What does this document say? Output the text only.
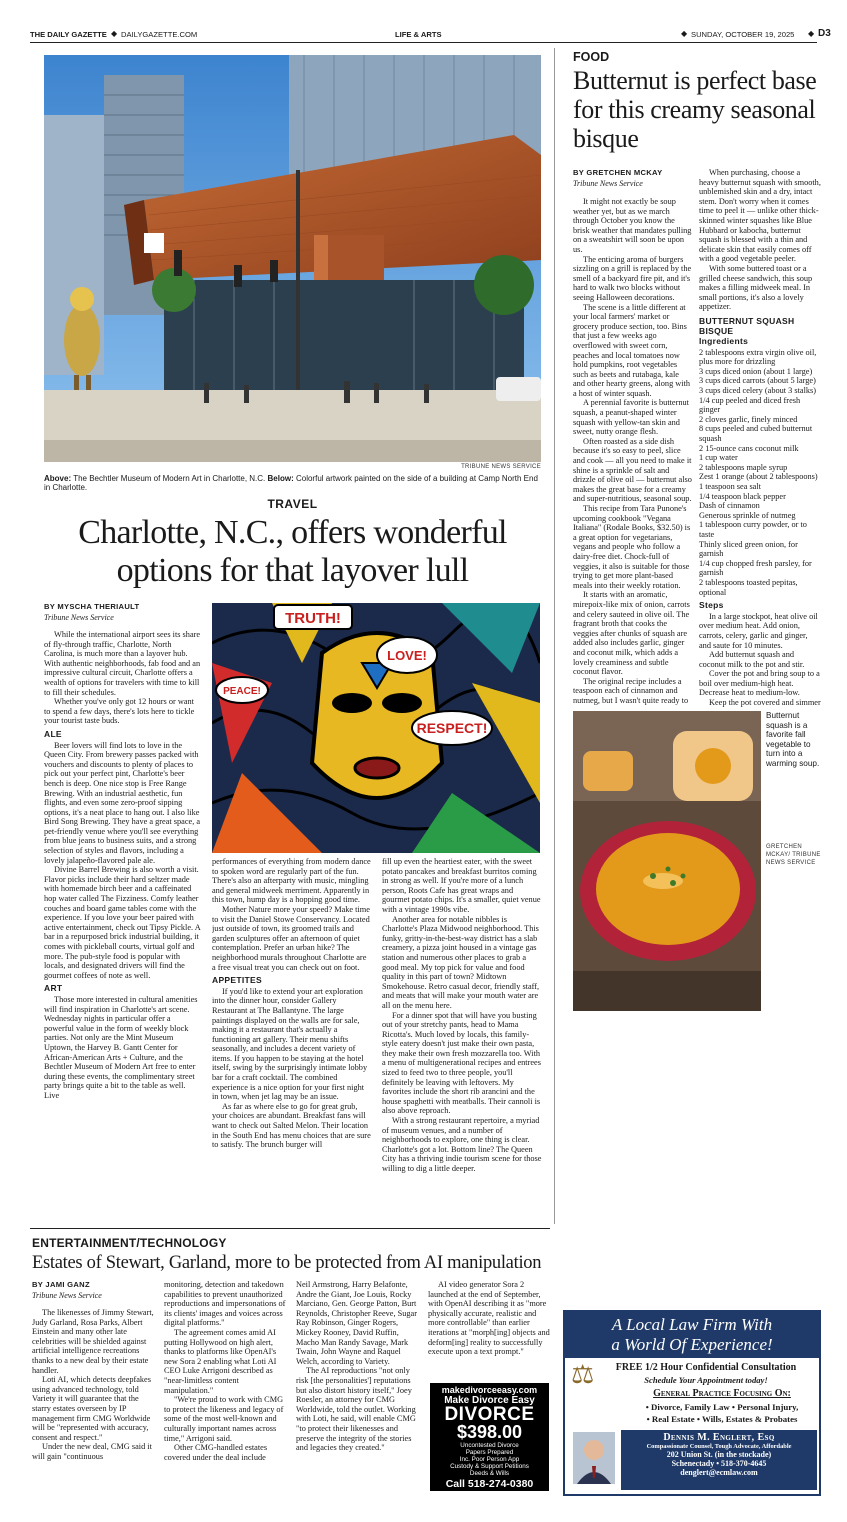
THE DAILY GAZETTE ◆ DAILYGAZETTE.COM	LIFE & ARTS	◆ SUNDAY, OCTOBER 19, 2025 ◆ D3
TRIBUNE NEWS SERVICE
Above: The Bechtler Museum of Modern Art in Charlotte, N.C. Below: Colorful artwork painted on the side of a building at Camp North End in Charlotte.
TRAVEL
Charlotte, N.C., offers wonderful options for that layover lull
BY MYSCHA THERIAULT
Tribune News Service

While the international airport sees its share of fly-through traffic, Charlotte, North Carolina, is much more than a layover hub. With authentic neighborhoods, fab food and an impressive cultural circuit, Charlotte offers a wealth of options for travelers with time to kill to fill their schedules.

Whether you've only got 12 hours or want to spend a few days, there's lots here to tickle your tourist taste buds.

ALE

Beer lovers will find lots to love in the Queen City. From brewery passes packed with vouchers and discounts to plenty of places to pick out your perfect pint, Charlotte's beer bench is deep. One nice stop is Free Range Brewing. With an industrial aesthetic, fun flights, and even some zero-proof sipping options, it's a neat place to hang out. I also like Bird Song Brewing. They have a great space, a pet-friendly venue where you'll see everything from blue jeans to business suits, and a strong selection of styles and flavors, including a lovely jalapeño-flavored pale ale.

Divine Barrel Brewing is also worth a visit. Flavor picks include their hard seltzer made with homemade birch beer and a caffeinated hop water called The Fizziness. Comfy leather couches and board game tables come with the experience. If you love your beer paired with active entertainment, check out Tipsy Pickle. A bar in a repurposed brick industrial building, it comes with pickleball courts, virtual golf and more. The pub-style food is popular with locals, and designated drivers will find the gourmet coffees of note as well.

ART

Those more interested in cultural amenities will find inspiration in Charlotte's art scene. Wednesday nights in particular offer a powerful value in the form of weekly block parties. Not only are the Mint Museum Uptown, the Harvey B. Gantt Center for African-American Arts + Culture, and the Bechtler Museum of Modern Art free to enter during these events, the complimentary street party brings quite a bit to the table as well. Live

TRUTH!
LOVE!
PEACE!
RESPECT!

performances of everything from modern dance to spoken word are regularly part of the fun. There's also an afterparty with music, mingling and general midweek merriment. Apparently in this town, hump day is a hopping good time.

Mother Nature more your speed? Make time to visit the Daniel Stowe Conservancy. Located just outside of town, its groomed trails and garden sculptures offer an afternoon of quiet contemplation. Prefer an urban hike? The neighborhood murals throughout Charlotte are a free visual treat you can check out on foot.

APPETITES

If you'd like to extend your art exploration into the dinner hour, consider Gallery Restaurant at The Ballantyne. The large paintings displayed on the walls are for sale, making it a restaurant that's actually a functioning art gallery. Their menu shifts seasonally, and includes a decent variety of items. If you happen to be staying at the hotel itself, swing by the surprisingly intimate lobby bar for a craft cocktail. The combined experience is a nice option for your first night in town, when jet lag may be an issue.

As far as where else to go for great grub, your choices are abundant. Breakfast fans will want to check out Salted Melon. Their location in the South End has menu choices that are sure to satisfy. The brunch burger will

fill up even the heartiest eater, with the sweet potato pancakes and breakfast burritos coming in strong as well. If you're more of a lunch person, Roots Cafe has great wraps and gourmet potato chips. It's a smaller, quiet venue with a vintage 1990s vibe.

Another area for notable nibbles is Charlotte's Plaza Midwood neighborhood. This funky, gritty-in-the-best-way district has a slab creamery, a pizza joint housed in a vintage gas station and numerous other places to grab a good meal. My top pick for value and food quality in this part of town? Midtown Smokehouse. Retro casual decor, friendly staff, and meats that will make your mouth water are all on the menu here.

For a dinner spot that will have you busting out of your stretchy pants, head to Mama Ricotta's. Much loved by locals, this family-style eatery doesn't just make their own pasta, they make their own fresh mozzarella too. With a menu of multigenerational recipes and entrees sized to feed two to three people, you'll definitely be leaving with leftovers. My favorites include the short rib arancini and the house spaghetti with meatballs. Their cannoli is also above reproach.

With a strong restaurant repertoire, a myriad of museum venues, and a number of neighborhoods to explore, one thing is clear. Charlotte's got a lot. Bottom line? The Queen City has a thriving indie tourism scene for those willing to dig a little deeper.

FOOD
Butternut is perfect base for this creamy seasonal bisque
BY GRETCHEN MCKAY
Tribune News Service

It might not exactly be soup weather yet, but as we march through October you know the brisk weather that mandates pulling on a sweatshirt will soon be upon us.

The enticing aroma of burgers sizzling on a grill is replaced by the smell of a backyard fire pit, and it's hard to walk two blocks without seeing Halloween decorations.

The scene is a little different at your local farmers' market or grocery produce section, too. Bins that just a few weeks ago overflowed with sweet corn, peaches and local tomatoes now hold pumpkins, root vegetables such as beets and rutabaga, kale and other hearty greens, along with a host of winter squash.

A perennial favorite is butternut squash, a peanut-shaped winter squash with yellow-tan skin and sweet, nutty orange flesh.

Often roasted as a side dish because it's so easy to peel, slice and cook — all you need to make it shine is a sprinkle of salt and drizzle of olive oil — butternut also makes the great base for a creamy and super-nutritious, seasonal soup.

This recipe from Tara Punone's upcoming cookbook "Vegana Italiana" (Rodale Books, $32.50) is a great option for vegetarians, vegans and people who follow a dairy-free diet. Chock-full of veggies, it also is suitable for those trying to get more plant-based meals into their weekly rotation.

It starts with an aromatic, mirepoix-like mix of onion, carrots and celery sauteed in olive oil. The fragrant broth that cooks the veggies after chunks of squash are added also includes garlic, ginger and coconut milk, which adds a lovely creaminess and subtle coconut flavor.

The original recipe includes a teaspoon each of cinnamon and nutmeg, but I wasn't quite ready to

When purchasing, choose a heavy butternut squash with smooth, unblemished skin and a dry, intact stem. Don't worry when it comes time to peel it — unlike other thick-skinned winter squashes like Blue Hubbard or kabocha, butternut squash is blessed with a thin and delicate skin that easily comes off with a good vegetable peeler.

With some buttered toast or a grilled cheese sandwich, this soup makes a filling midweek meal. In small portions, it's also a lovely appetizer.

BUTTERNUT SQUASH BISQUE
Ingredients
2 tablespoons extra virgin olive oil, plus more for drizzling
3 cups diced onion (about 1 large)
3 cups diced carrots (about 5 large)
3 cups diced celery (about 3 stalks)
1/4 cup peeled and diced fresh ginger
2 cloves garlic, finely minced
8 cups peeled and cubed butternut squash
2 15-ounce cans coconut milk
1 cup water
2 tablespoons maple syrup
Zest 1 orange (about 2 tablespoons)
1 teaspoon sea salt
1/4 teaspoon black pepper
Dash of cinnamon
Generous sprinkle of nutmeg
1 tablespoon curry powder, or to taste
Thinly sliced green onion, for garnish
1/4 cup chopped fresh parsley, for garnish
2 tablespoons toasted pepitas, optional
Steps

In a large stockpot, heat olive oil over medium heat. Add onion, carrots, celery, garlic and ginger, and saute for 10 minutes.

Add butternut squash and coconut milk to the pot and stir.

Cover the pot and bring soup to a boil over medium-high heat. Decrease heat to medium-low.

Keep the pot covered and simmer

Butternut squash is a favorite fall vegetable to turn into a warming soup.
GRETCHEN MCKAY/ TRIBUNE NEWS SERVICE
ENTERTAINMENT/TECHNOLOGY
Estates of Stewart, Garland, more to be protected from AI manipulation
BY JAMI GANZ
Tribune News Service

The likenesses of Jimmy Stewart, Judy Garland, Rosa Parks, Albert Einstein and many other late celebrities will be shielded against artificial intelligence recreations thanks to a new deal by their estate handler.

Loti AI, which detects deepfakes using advanced technology, told Variety it will guarantee that the starry estates overseen by IP management firm CMG Worldwide will be "represented with accuracy, consent and respect."

Under the new deal, CMG said it will gain "continuous

monitoring, detection and takedown capabilities to prevent unauthorized reproductions and impersonations of its clients' images and voices across digital platforms."

The agreement comes amid AI putting Hollywood on high alert, thanks to platforms like OpenAI's new Sora 2 enabling what Loti AI CEO Luke Arrigoni described as "near-limitless content manipulation."

"We're proud to work with CMG to protect the likeness and legacy of some of the most well-known and culturally important names across time," Arrigoni said.

Other CMG-handled estates covered under the deal include

Neil Armstrong, Harry Belafonte, Andre the Giant, Joe Louis, Rocky Marciano, Gen. George Patton, Burt Reynolds, Christopher Reeve, Sugar Ray Robinson, Ginger Rogers, Mickey Rooney, David Ruffin, Macho Man Randy Savage, Mark Twain, John Wayne and Raquel Welch, according to Variety.

The AI reproductions "not only risk [the personalities'] reputations but also distort history itself," Joey Roesler, an attorney for CMG Worldwide, told the outlet. Working with Loti, he said, will enable CMG "to protect their likenesses and preserve the integrity of the stories and legacies they created."

AI video generator Sora 2 launched at the end of September, with OpenAI describing it as "more physically accurate, realistic and more controllable" than earlier iterations at "morph[ing] objects and deform[ing] reality to successfully execute upon a text prompt."

makedivorceeasy.com
Make Divorce Easy
DIVORCE
$398.00
Uncontested Divorce
Papers Prepared
Inc. Poor Person App
Custody & Support Petitions
Deeds & Wills
Call 518-274-0380
A Local Law Firm With
a World Of Experience!
⚖	FREE 1/2 Hour Confidential Consultation
Schedule Your Appointment today!
General Practice Focusing On:
• Divorce, Family Law • Personal Injury,
• Real Estate • Wills, Estates & Probates
Dennis M. Englert, Esq
Compassionate Counsel, Tough Advocate, Affordable
202 Union St. (in the stockade)
Schenectady • 518-370-4645
denglert@ecmlaw.com
